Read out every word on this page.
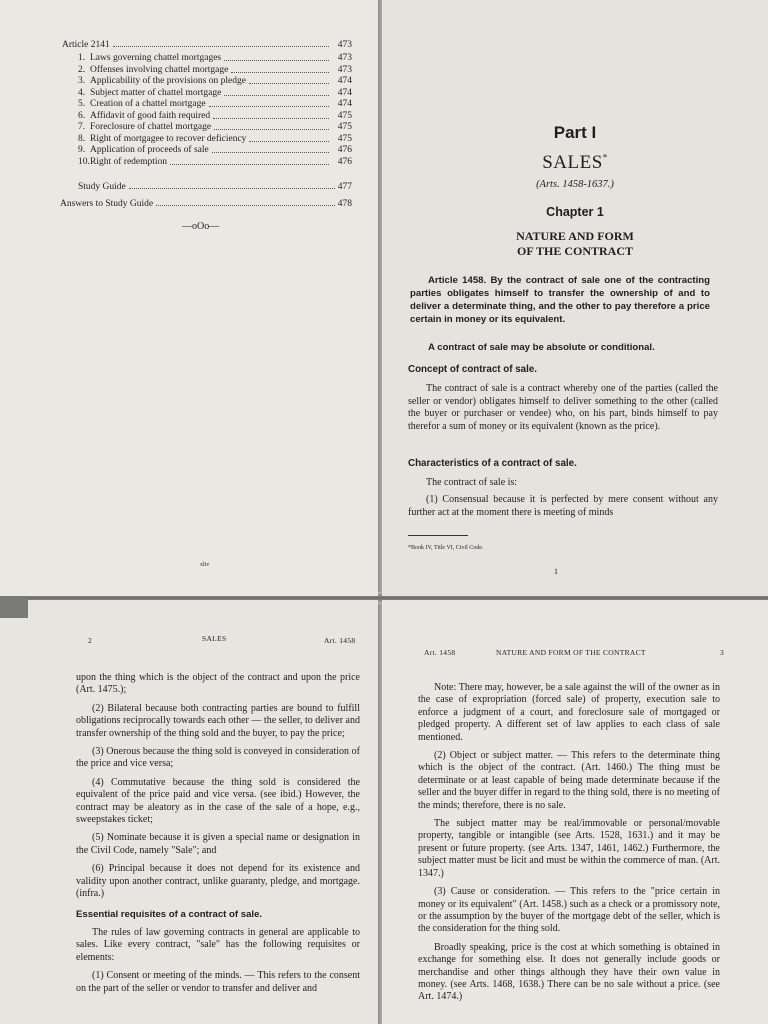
Article 2141	473
1. Laws governing chattel mortgages	473
2. Offenses involving chattel mortgage	473
3. Applicability of the provisions on pledge	474
4. Subject matter of chattel mortgage	474
5. Creation of a chattel mortgage	474
6. Affidavit of good faith required	475
7. Foreclosure of chattel mortgage	475
8. Right of mortgagee to recover deficiency	475
9. Application of proceeds of sale	476
10. Right of redemption	476
Study Guide	477
Answers to Study Guide	478
—oOo—
xliv
Part I
SALES*
(Arts. 1458-1637.)
Chapter 1
NATURE AND FORM
OF THE CONTRACT
Article 1458. By the contract of sale one of the contracting parties obligates himself to transfer the ownership of and to deliver a determinate thing, and the other to pay therefore a price certain in money or its equivalent.
A contract of sale may be absolute or conditional.
Concept of contract of sale.

The contract of sale is a contract whereby one of the parties (called the seller or vendor) obligates himself to deliver something to the other (called the buyer or purchaser or vendee) who, on his part, binds himself to pay therefor a sum of money or its equivalent (known as the price).

Characteristics of a contract of sale.

The contract of sale is:

(1) Consensual because it is perfected by mere consent without any further act at the moment there is meeting of minds

*Book IV, Title VI, Civil Code.
1
2	SALES	Art. 1458

upon the thing which is the object of the contract and upon the price (Art. 1475.);

(2) Bilateral because both contracting parties are bound to fulfill obligations reciprocally towards each other — the seller, to deliver and transfer ownership of the thing sold and the buyer, to pay the price;

(3) Onerous because the thing sold is conveyed in consideration of the price and vice versa;

(4) Commutative because the thing sold is considered the equivalent of the price paid and vice versa. (see ibid.) However, the contract may be aleatory as in the case of the sale of a hope, e.g., sweepstakes ticket;

(5) Nominate because it is given a special name or designation in the Civil Code, namely "Sale"; and

(6) Principal because it does not depend for its existence and validity upon another contract, unlike guaranty, pledge, and mortgage. (infra.)

Essential requisites of a contract of sale.

The rules of law governing contracts in general are applicable to sales. Like every contract, "sale" has the following requisites or elements:

(1) Consent or meeting of the minds. — This refers to the consent on the part of the seller or vendor to transfer and deliver and

Art. 1458	NATURE AND FORM OF THE CONTRACT	3

Note: There may, however, be a sale against the will of the owner as in the case of expropriation (forced sale) of property, execution sale to enforce a judgment of a court, and foreclosure sale of mortgaged or pledged property. A different set of law applies to each class of sale mentioned.

(2) Object or subject matter. — This refers to the determinate thing which is the object of the contract. (Art. 1460.) The thing must be determinate or at least capable of being made determinate because if the seller and the buyer differ in regard to the thing sold, there is no meeting of the minds; therefore, there is no sale.

The subject matter may be real/immovable or personal/movable property, tangible or intangible (see Arts. 1528, 1631.) and it may be present or future property. (see Arts. 1347, 1461, 1462.) Furthermore, the subject matter must be licit and must be within the commerce of man. (Art. 1347.)

(3) Cause or consideration. — This refers to the "price certain in money or its equivalent" (Art. 1458.) such as a check or a promissory note, or the assumption by the buyer of the mortgage debt of the seller, which is the consideration for the thing sold.

Broadly speaking, price is the cost at which something is obtained in exchange for something else. It does not generally include goods or merchandise and other things although they have their own value in money. (see Arts. 1468, 1638.) There can be no sale without a price. (see Art. 1474.)
